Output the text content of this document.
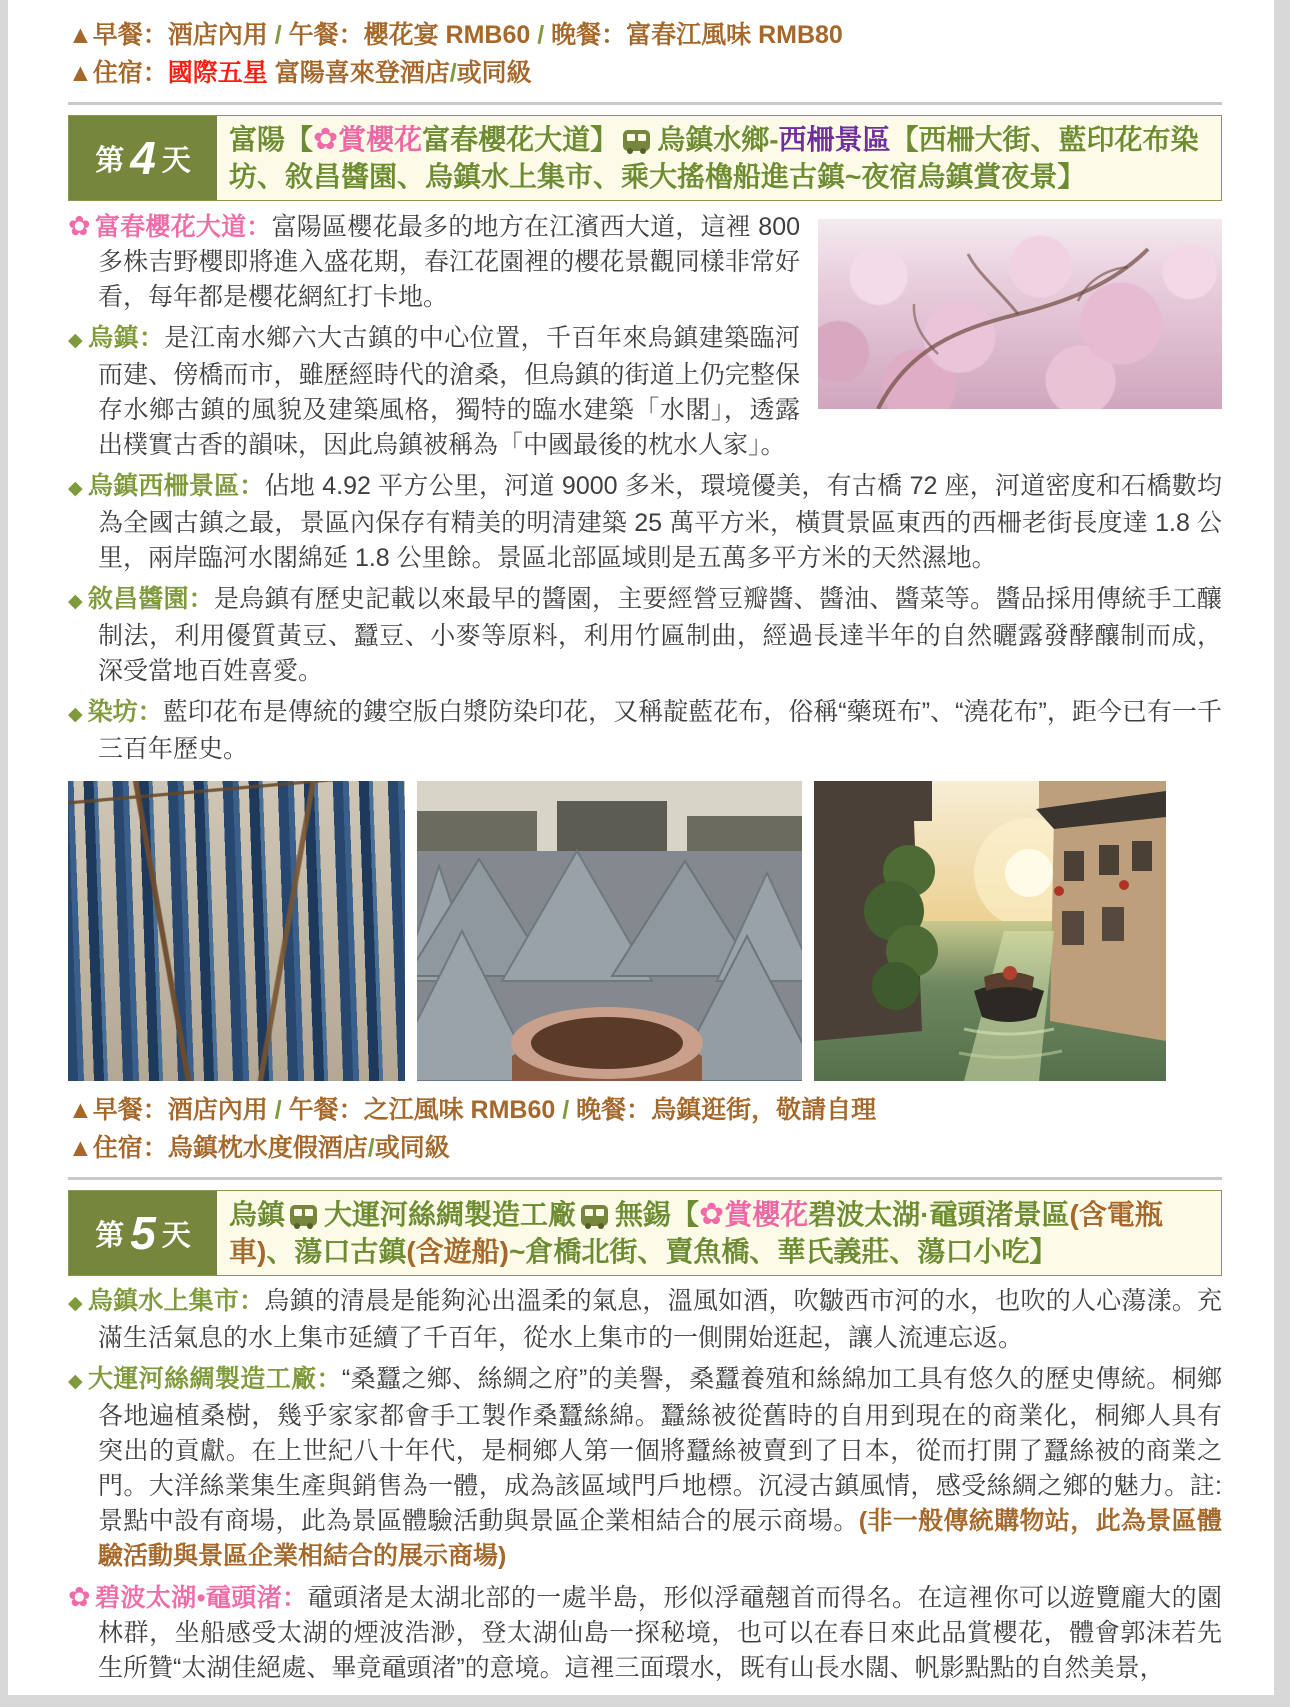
▲早餐：酒店內用 / 午餐：櫻花宴 RMB60 / 晚餐：富春江風味 RMB80
▲住宿：國際五星 富陽喜來登酒店/或同級
第 4 天
富陽【✿賞櫻花富春櫻花大道】 烏鎮水鄉-西柵景區【西柵大街、藍印花布染坊、敘昌醬園、烏鎮水上集市、乘大搖櫓船進古鎮~夜宿烏鎮賞夜景】

✿ 富春櫻花大道：富陽區櫻花最多的地方在江濱西大道，這裡 800 多株吉野櫻即將進入盛花期，春江花園裡的櫻花景觀同樣非常好看，每年都是櫻花網紅打卡地。

◆ 烏鎮：是江南水鄉六大古鎮的中心位置，千百年來烏鎮建築臨河而建、傍橋而市，雖歷經時代的滄桑，但烏鎮的街道上仍完整保存水鄉古鎮的風貌及建築風格，獨特的臨水建築「水閣」，透露出樸實古香的韻味，因此烏鎮被稱為「中國最後的枕水人家」。

◆ 烏鎮西柵景區：佔地 4.92 平方公里，河道 9000 多米，環境優美，有古橋 72 座，河道密度和石橋數均為全國古鎮之最，景區內保存有精美的明清建築 25 萬平方米，橫貫景區東西的西柵老街長度達 1.8 公里，兩岸臨河水閣綿延 1.8 公里餘。景區北部區域則是五萬多平方米的天然濕地。

◆ 敘昌醬園：是烏鎮有歷史記載以來最早的醬園，主要經營豆瓣醬、醬油、醬菜等。醬品採用傳統手工釀制法，利用優質黃豆、蠶豆、小麥等原料，利用竹匾制曲，經過長達半年的自然曬露發酵釀制而成，深受當地百姓喜愛。

◆ 染坊：藍印花布是傳統的鏤空版白漿防染印花，又稱靛藍花布，俗稱“藥斑布”、“澆花布”，距今已有一千三百年歷史。

▲早餐：酒店內用 / 午餐：之江風味 RMB60 / 晚餐：烏鎮逛街，敬請自理
▲住宿：烏鎮枕水度假酒店/或同級
第 5 天
烏鎮 大運河絲綢製造工廠 無錫【✿賞櫻花碧波太湖·黿頭渚景區(含電瓶車)、蕩口古鎮(含遊船)~倉橋北街、賣魚橋、華氏義莊、蕩口小吃】

◆ 烏鎮水上集市：烏鎮的清晨是能夠沁出溫柔的氣息，溫風如酒，吹皺西市河的水，也吹的人心蕩漾。充滿生活氣息的水上集市延續了千百年，從水上集市的一側開始逛起，讓人流連忘返。

◆ 大運河絲綢製造工廠：“桑蠶之鄉、絲綢之府”的美譽，桑蠶養殖和絲綿加工具有悠久的歷史傳統。桐鄉各地遍植桑樹，幾乎家家都會手工製作桑蠶絲綿。蠶絲被從舊時的自用到現在的商業化，桐鄉人具有突出的貢獻。在上世紀八十年代，是桐鄉人第一個將蠶絲被賣到了日本，從而打開了蠶絲被的商業之門。大洋絲業集生產與銷售為一體，成為該區域門戶地標。沉浸古鎮風情，感受絲綢之鄉的魅力。註:景點中設有商場，此為景區體驗活動與景區企業相結合的展示商場。(非一般傳統購物站，此為景區體驗活動與景區企業相結合的展示商場)

✿ 碧波太湖•黿頭渚：黿頭渚是太湖北部的一處半島，形似浮黿翹首而得名。在這裡你可以遊覽龐大的園林群，坐船感受太湖的煙波浩渺，登太湖仙島一探秘境，也可以在春日來此品賞櫻花，體會郭沫若先生所贊“太湖佳絕處、畢竟黿頭渚”的意境。這裡三面環水，既有山長水闊、帆影點點的自然美景，
